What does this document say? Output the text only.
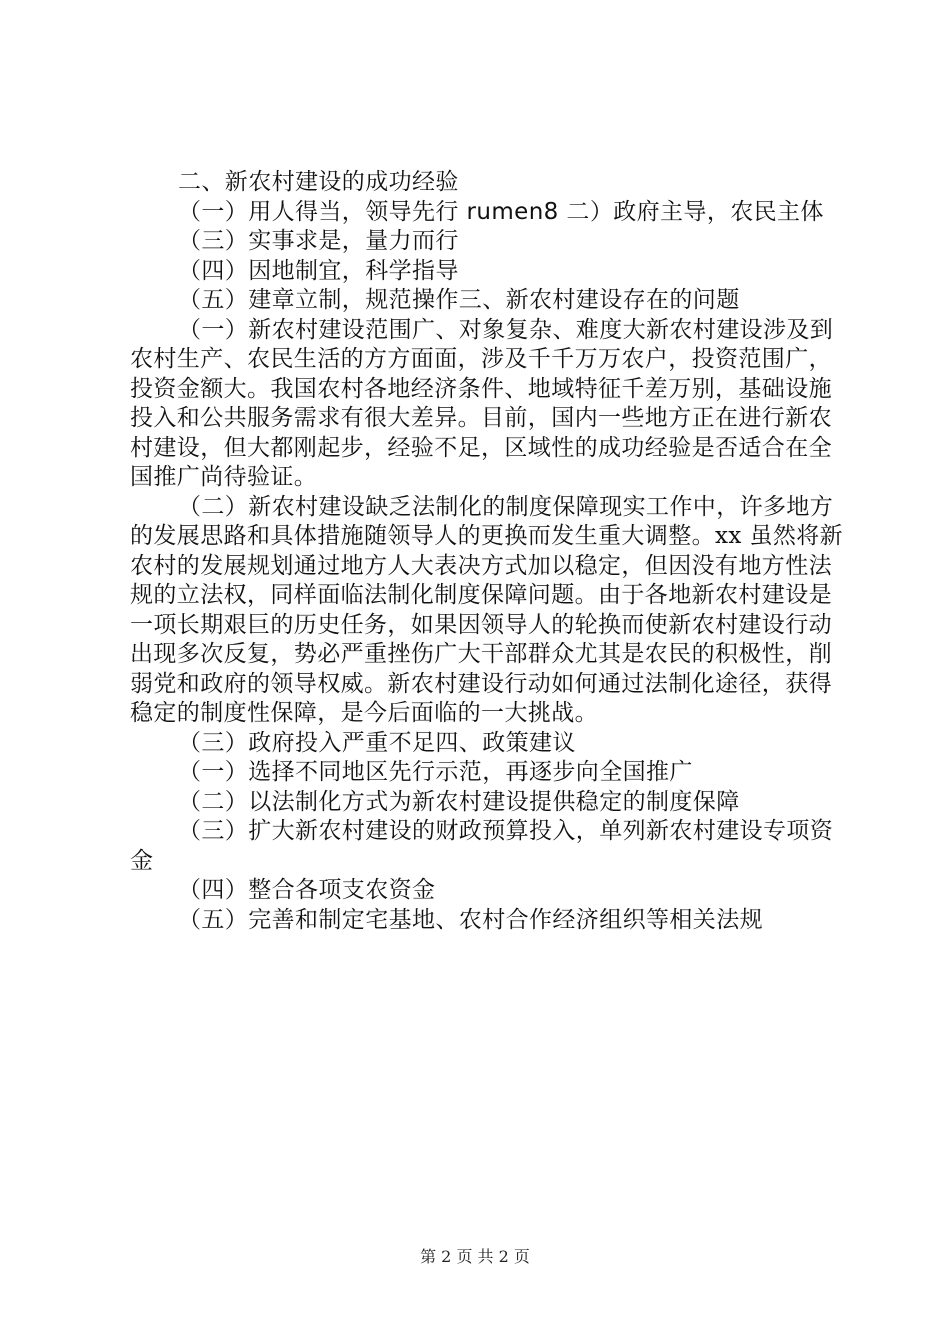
二、新农村建设的成功经验

（一）用人得当，领导先行 rumen8 二）政府主导，农民主体

（三）实事求是，量力而行

（四）因地制宜，科学指导

（五）建章立制，规范操作三、新农村建设存在的问题

（一）新农村建设范围广、对象复杂、难度大新农村建设涉及到农村生产、农民生活的方方面面，涉及千千万万农户，投资范围广，投资金额大。我国农村各地经济条件、地域特征千差万别，基础设施投入和公共服务需求有很大差异。目前，国内一些地方正在进行新农村建设，但大都刚起步，经验不足，区域性的成功经验是否适合在全国推广尚待验证。

（二）新农村建设缺乏法制化的制度保障现实工作中，许多地方的发展思路和具体措施随领导人的更换而发生重大调整。xx 虽然将新农村的发展规划通过地方人大表决方式加以稳定，但因没有地方性法规的立法权，同样面临法制化制度保障问题。由于各地新农村建设是一项长期艰巨的历史任务，如果因领导人的轮换而使新农村建设行动出现多次反复，势必严重挫伤广大干部群众尤其是农民的积极性，削弱党和政府的领导权威。新农村建设行动如何通过法制化途径，获得稳定的制度性保障，是今后面临的一大挑战。

（三）政府投入严重不足四、政策建议

（一）选择不同地区先行示范，再逐步向全国推广

（二）以法制化方式为新农村建设提供稳定的制度保障

（三）扩大新农村建设的财政预算投入，单列新农村建设专项资金

（四）整合各项支农资金

（五）完善和制定宅基地、农村合作经济组织等相关法规

第 2 页 共 2 页
